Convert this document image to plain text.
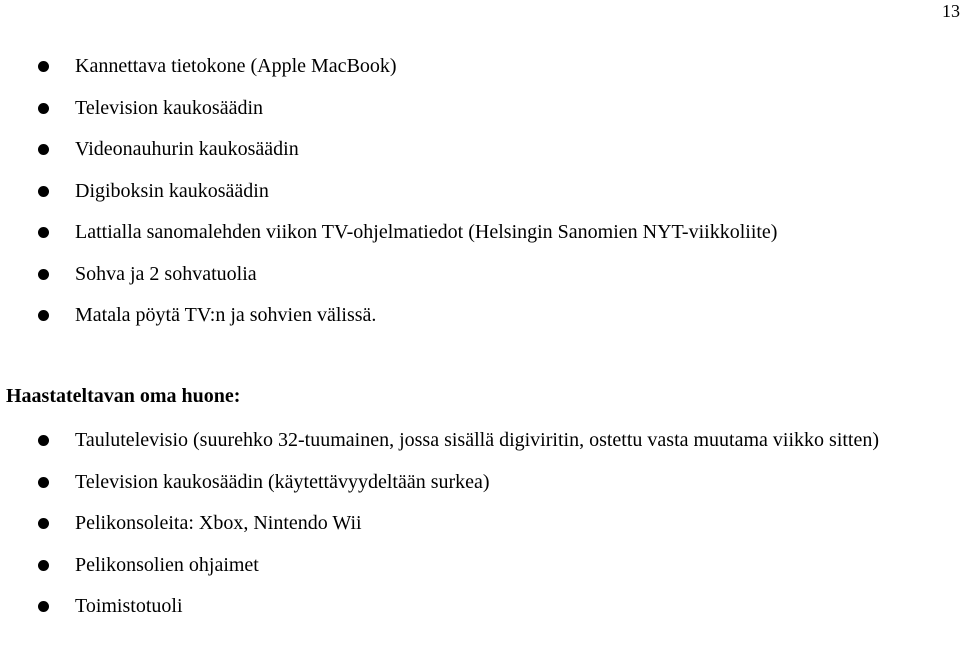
13
Kannettava tietokone (Apple MacBook)
Television kaukosäädin
Videonauhurin kaukosäädin
Digiboksin kaukosäädin
Lattialla sanomalehden viikon TV-ohjelmatiedot (Helsingin Sanomien NYT-viikkoliite)
Sohva ja 2 sohvatuolia
Matala pöytä TV:n ja sohvien välissä.
Haastateltavan oma huone:
Taulutelevisio (suurehko 32-tuumainen, jossa sisällä digiviritin, ostettu vasta muutama viikko sitten)
Television kaukosäädin (käytettävyydeltään surkea)
Pelikonsoleita: Xbox, Nintendo Wii
Pelikonsolien ohjaimet
Toimistotuoli
